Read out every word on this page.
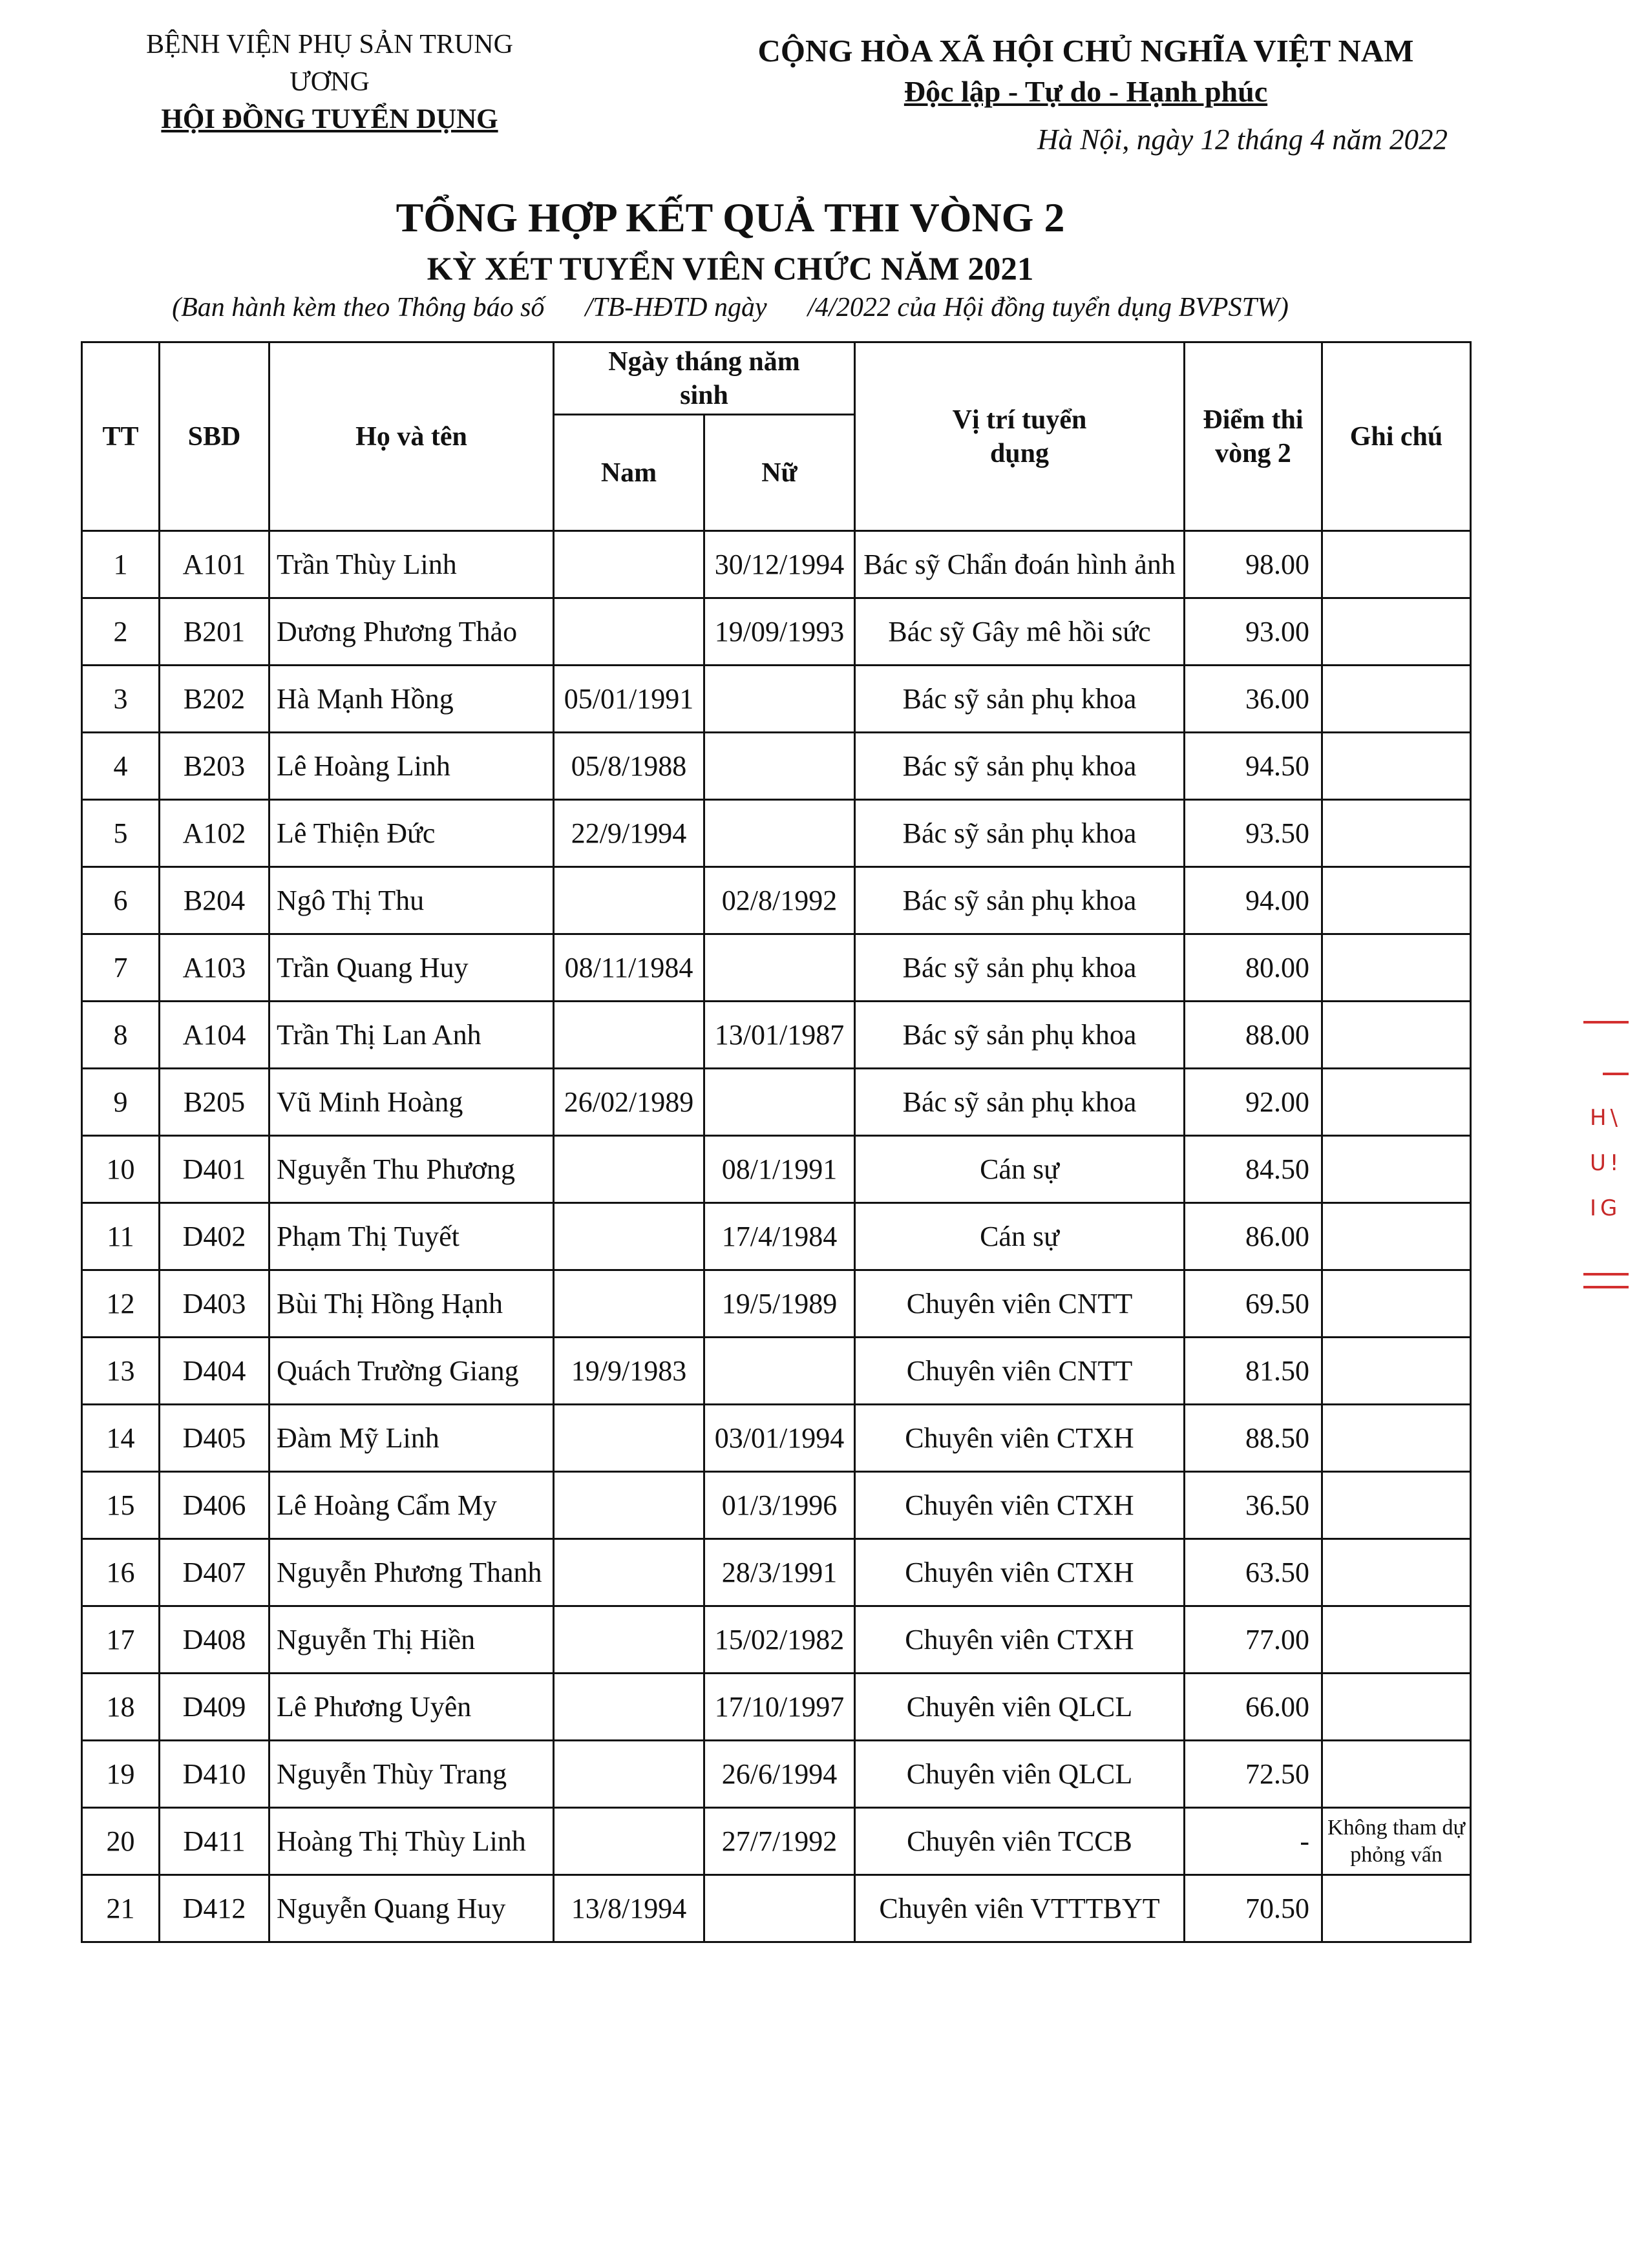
BỆNH VIỆN PHỤ SẢN TRUNG ƯƠNG
HỘI ĐỒNG TUYỂN DỤNG
CỘNG HÒA XÃ HỘI CHỦ NGHĨA VIỆT NAM
Độc lập - Tự do - Hạnh phúc
Hà Nội, ngày 12 tháng 4 năm 2022
TỔNG HỢP KẾT QUẢ THI VÒNG 2
KỲ XÉT TUYỂN VIÊN CHỨC NĂM 2021
(Ban hành kèm theo Thông báo số      /TB-HĐTD ngày      /4/2022 của Hội đồng tuyển dụng BVPSTW)
TT	SBD	Họ và tên	Ngày tháng năm sinh		Vị trí tuyển dụng	Điểm thi vòng 2	Ghi chú
			Nam	Nữ			
1	A101	Trần Thùy Linh		30/12/1994	Bác sỹ Chẩn đoán hình ảnh	98.00	
2	B201	Dương Phương Thảo		19/09/1993	Bác sỹ Gây mê hồi sức	93.00	
3	B202	Hà Mạnh Hồng	05/01/1991		Bác sỹ sản phụ khoa	36.00	
4	B203	Lê Hoàng Linh	05/8/1988		Bác sỹ sản phụ khoa	94.50	
5	A102	Lê Thiện Đức	22/9/1994		Bác sỹ sản phụ khoa	93.50	
6	B204	Ngô Thị Thu		02/8/1992	Bác sỹ sản phụ khoa	94.00	
7	A103	Trần Quang Huy	08/11/1984		Bác sỹ sản phụ khoa	80.00	
8	A104	Trần Thị Lan Anh		13/01/1987	Bác sỹ sản phụ khoa	88.00	
9	B205	Vũ Minh Hoàng	26/02/1989		Bác sỹ sản phụ khoa	92.00	
10	D401	Nguyễn Thu Phương		08/1/1991	Cán sự	84.50	
11	D402	Phạm Thị Tuyết		17/4/1984	Cán sự	86.00	
12	D403	Bùi Thị Hồng Hạnh		19/5/1989	Chuyên viên CNTT	69.50	
13	D404	Quách Trường Giang	19/9/1983		Chuyên viên CNTT	81.50	
14	D405	Đàm Mỹ Linh		03/01/1994	Chuyên viên CTXH	88.50	
15	D406	Lê Hoàng Cẩm My		01/3/1996	Chuyên viên CTXH	36.50	
16	D407	Nguyễn Phương Thanh		28/3/1991	Chuyên viên CTXH	63.50	
17	D408	Nguyễn Thị Hiền		15/02/1982	Chuyên viên CTXH	77.00	
18	D409	Lê Phương Uyên		17/10/1997	Chuyên viên QLCL	66.00	
19	D410	Nguyễn Thùy Trang		26/6/1994	Chuyên viên QLCL	72.50	
20	D411	Hoàng Thị Thùy Linh		27/7/1992	Chuyên viên TCCB	-	Không tham dự phỏng vấn
21	D412	Nguyễn Quang Huy	13/8/1994		Chuyên viên VTTTBYT	70.50	
H\
U!
IG
